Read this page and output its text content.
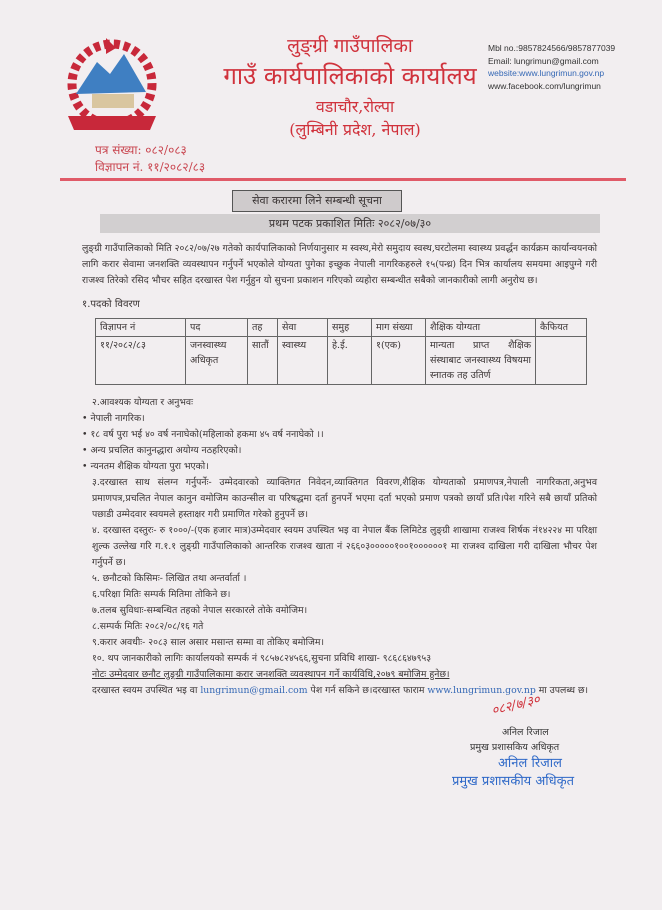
लुङ्ग्री गाउँपालिका
गाउँ कार्यपालिकाको कार्यालय
वडाचौर,रोल्पा
(लुम्बिनी प्रदेश, नेपाल)
Mbl no.:9857824566/9857877039
Email: lungrimun@gmail.com
website:www.lungrimun.gov.np
www.facebook.com/lungrimun
पत्र संख्या: ०८२/०८३
विज्ञापन नं. ११/२०८२/८३
सेवा करारमा लिने सम्बन्धी सूचना
प्रथम पटक प्रकाशित मितिः २०८२/०७/३०
लुङ्ग्री गाउँपालिकाको मिति २०८२/०७/२७ गतेको कार्यपालिकाको निर्णयानुसार म स्वस्थ,मेरो समुदाय स्वस्थ,घरटोलमा स्वास्थ्य प्रवर्द्धन कार्यक्रम कार्यान्वयनको लागि करार सेवामा जनशक्ति व्यवस्थापन गर्नुपर्ने भएकोले योग्यता पुगेका इच्छुक नेपाली नागरिकहरुले १५(पन्ध्र) दिन भित्र कार्यालय समयमा आइपुग्ने गरी राजश्व तिरेको रसिद भौचर सहित दरखास्त पेश गर्नुहुन यो सुचना प्रकाशन गरिएको व्यहोरा सम्बन्धीत सबैको जानकारीको लागी अनुरोध छ।
१.पदको विवरण
विज्ञापन नं	पद	तह	सेवा	समुह	माग संख्या	शैक्षिक योग्यता	कैफियत
११/२०८२/८३	जनस्वास्थ्य अधिकृत	सातौं	स्वास्थ्य	हे.ई.	१(एक)	मान्यता प्राप्त शैक्षिक संस्थाबाट जनस्वास्थ्य विषयमा स्नातक तह उतिर्ण	
२.आवश्यक योग्यता र अनुभवः
• नेपाली नागरिक।
• १८ वर्ष पुरा भई ४० वर्ष ननाघेको(महिलाको हकमा ४५ वर्ष ननाघेको ।।
• अन्य प्रचलित कानुनद्धारा अयोग्य नठहरिएको।
• न्यनतम शैक्षिक योग्यता पुरा भएको।
३.दरखास्त साथ संलग्न गर्नुपर्नेः- उम्मेदवारको व्याक्तिगत निवेदन,व्याक्तिगत विवरण,शैक्षिक योग्यताको प्रमाणपत्र,नेपाली नागरिकता,अनुभव प्रमाणपत्र,प्रचलित नेपाल कानुन वमोजिम काउन्सील वा परिषद्धमा दर्ता हुनपर्ने भएमा दर्ता भएको प्रमाण पत्रको छायाँ प्रति।पेश गरिने सबै छायाँ प्रतिको पछाडी उम्मेदवार स्वयमले हस्ताक्षर गरी प्रमाणित गरेको हुनुपर्ने छ।
४. दरखास्त दस्तुरः- रु १०००/-(एक हजार मात्र)उम्मेदवार स्वयम उपस्थित भइ वा नेपाल बैंक लिमिटेड लुङ्ग्री शाखामा राजश्व शिर्षक नं१४२२४ मा परिक्षा शुल्क उल्लेख गरि ग.१.१ लुङ्ग्री गाउँपालिकाको आन्तरिक राजश्व खाता नं २६६०३०००००१००१००००००१ मा राजश्व दाखिला गरी दाखिला भौचर पेश गर्नुपर्ने छ।
५. छनौटको किसिमः- लिखित तथा अन्तर्वार्ता ।
६.परिक्षा मितिः सम्पर्क मितिमा तोकिने छ।
७.तलब सुविधाः-सम्बन्धित तहको नेपाल सरकारले तोके वमोजिम।
८.सम्पर्क मितिः २०८२/०८/१६ गते
९.करार अवधीः- २०८३ साल असार मसान्त सम्मा वा तोकिए बमोजिम।
१०. थप जानकारीको लागिः कार्यालयको सम्पर्क नं ९८५७८२४५६६,सुचना प्रविधि शाखा- ९८६८६४७९५३
नोटः उम्मेदवार छनौट लुङ्ग्री गाउँपालिकामा करार जनशक्ति व्यवस्थापन गर्ने कार्यविधि,२०७९ बमोजिम हुनेछ।
दरखास्त स्वयम उपस्थित भइ वा lungrimun@gmail.com पेश गर्न सकिने छ।दरखास्त फाराम www.lungrimun.gov.np मा उपलब्ध छ।
०८२/७/३०
अनिल रिजाल
प्रमुख प्रशासकिय अधिकृत
अनिल रिजाल
प्रमुख प्रशासकीय अधिकृत
